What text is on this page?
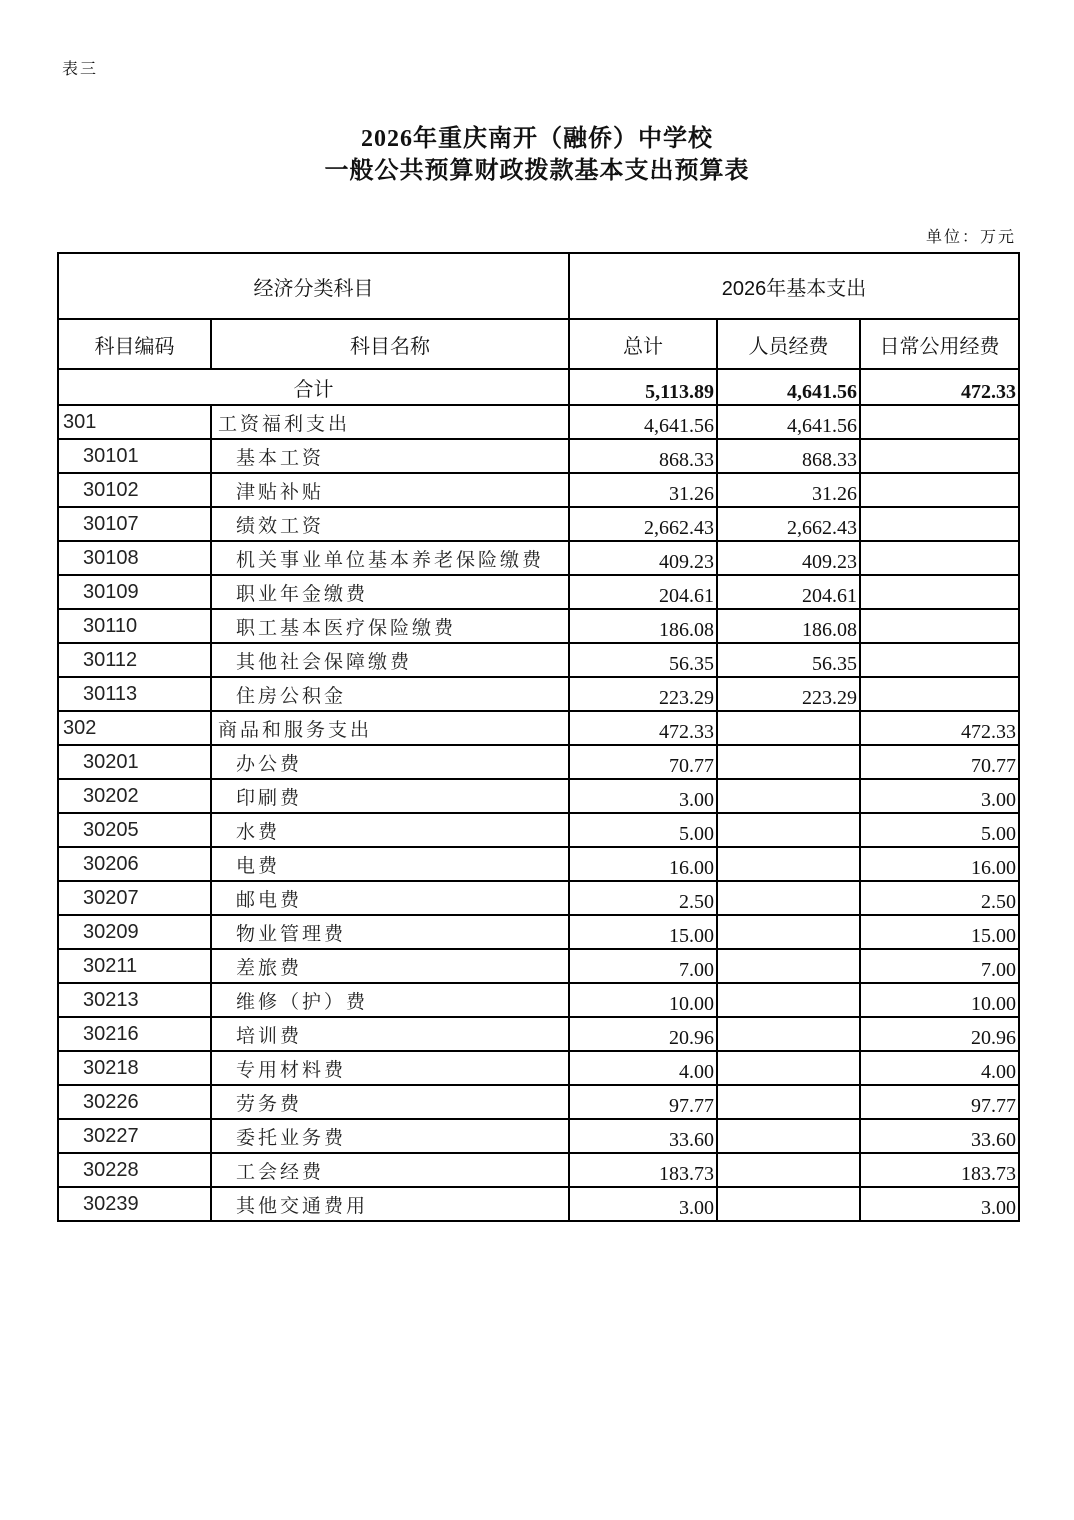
表三
2026年重庆南开（融侨）中学校
一般公共预算财政拨款基本支出预算表
单位：万元
经济分类科目		2026年基本支出		
科目编码	科目名称	总计	人员经费	日常公用经费
合计		5,113.89	4,641.56	472.33
301	工资福利支出	4,641.56	4,641.56	
30101	基本工资	868.33	868.33	
30102	津贴补贴	31.26	31.26	
30107	绩效工资	2,662.43	2,662.43	
30108	机关事业单位基本养老保险缴费	409.23	409.23	
30109	职业年金缴费	204.61	204.61	
30110	职工基本医疗保险缴费	186.08	186.08	
30112	其他社会保障缴费	56.35	56.35	
30113	住房公积金	223.29	223.29	
302	商品和服务支出	472.33		472.33
30201	办公费	70.77		70.77
30202	印刷费	3.00		3.00
30205	水费	5.00		5.00
30206	电费	16.00		16.00
30207	邮电费	2.50		2.50
30209	物业管理费	15.00		15.00
30211	差旅费	7.00		7.00
30213	维修（护）费	10.00		10.00
30216	培训费	20.96		20.96
30218	专用材料费	4.00		4.00
30226	劳务费	97.77		97.77
30227	委托业务费	33.60		33.60
30228	工会经费	183.73		183.73
30239	其他交通费用	3.00		3.00
